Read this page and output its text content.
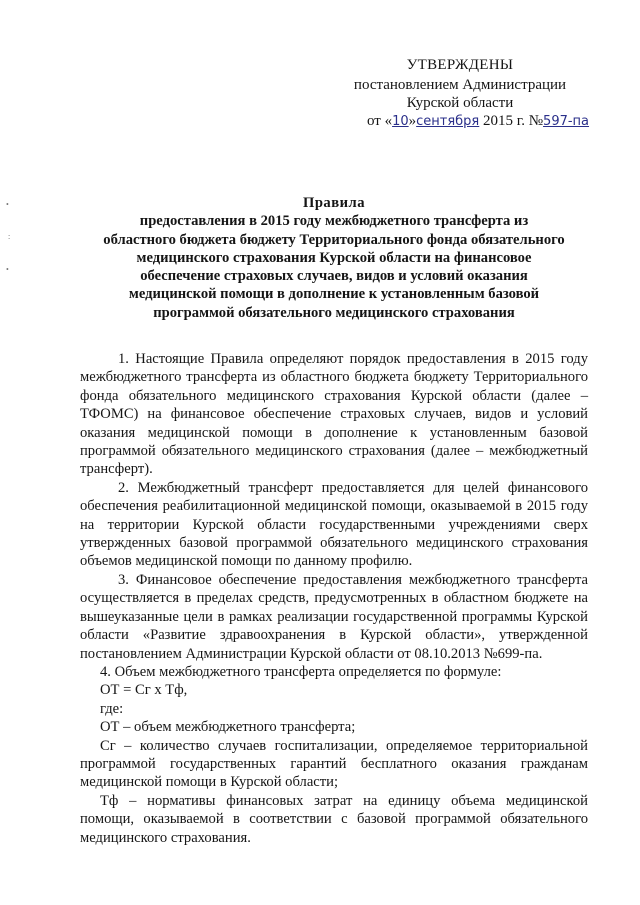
•
:
•
УТВЕРЖДЕНЫ
постановлением Администрации
Курской области
от «10»сентября 2015 г. №597-па
Правила
предоставления в 2015 году межбюджетного трансферта из
областного бюджета бюджету Территориального фонда обязательного
медицинского страхования Курской области на финансовое
обеспечение страховых случаев, видов и условий оказания
медицинской помощи в дополнение к установленным базовой
программой обязательного медицинского страхования

1. Настоящие Правила определяют порядок предоставления в 2015 году межбюджетного трансферта из областного бюджета бюджету Территориального фонда обязательного медицинского страхования Курской области (далее – ТФОМС) на финансовое обеспечение страховых случаев, видов и условий оказания медицинской помощи в дополнение к установленным базовой программой обязательного медицинского страхования (далее – межбюджетный трансферт).

2. Межбюджетный трансферт предоставляется для целей финансового обеспечения реабилитационной медицинской помощи, оказываемой в 2015 году на территории Курской области государственными учреждениями сверх утвержденных базовой программой обязательного медицинского страхования объемов медицинской помощи по данному профилю.

3. Финансовое обеспечение предоставления межбюджетного трансферта осуществляется в пределах средств, предусмотренных в областном бюджете на вышеуказанные цели в рамках реализации государственной программы Курской области «Развитие здравоохранения в Курской области», утвержденной постановлением Администрации Курской области от 08.10.2013 №699-па.

4. Объем межбюджетного трансферта определяется по формуле:

ОТ = Сг х Тф,

где:

ОТ – объем межбюджетного трансферта;

Сг – количество случаев госпитализации, определяемое территориальной программой государственных гарантий бесплатного оказания гражданам медицинской помощи в Курской области;

Тф – нормативы финансовых затрат на единицу объема медицинской помощи, оказываемой в соответствии с базовой программой обязательного медицинского страхования.
